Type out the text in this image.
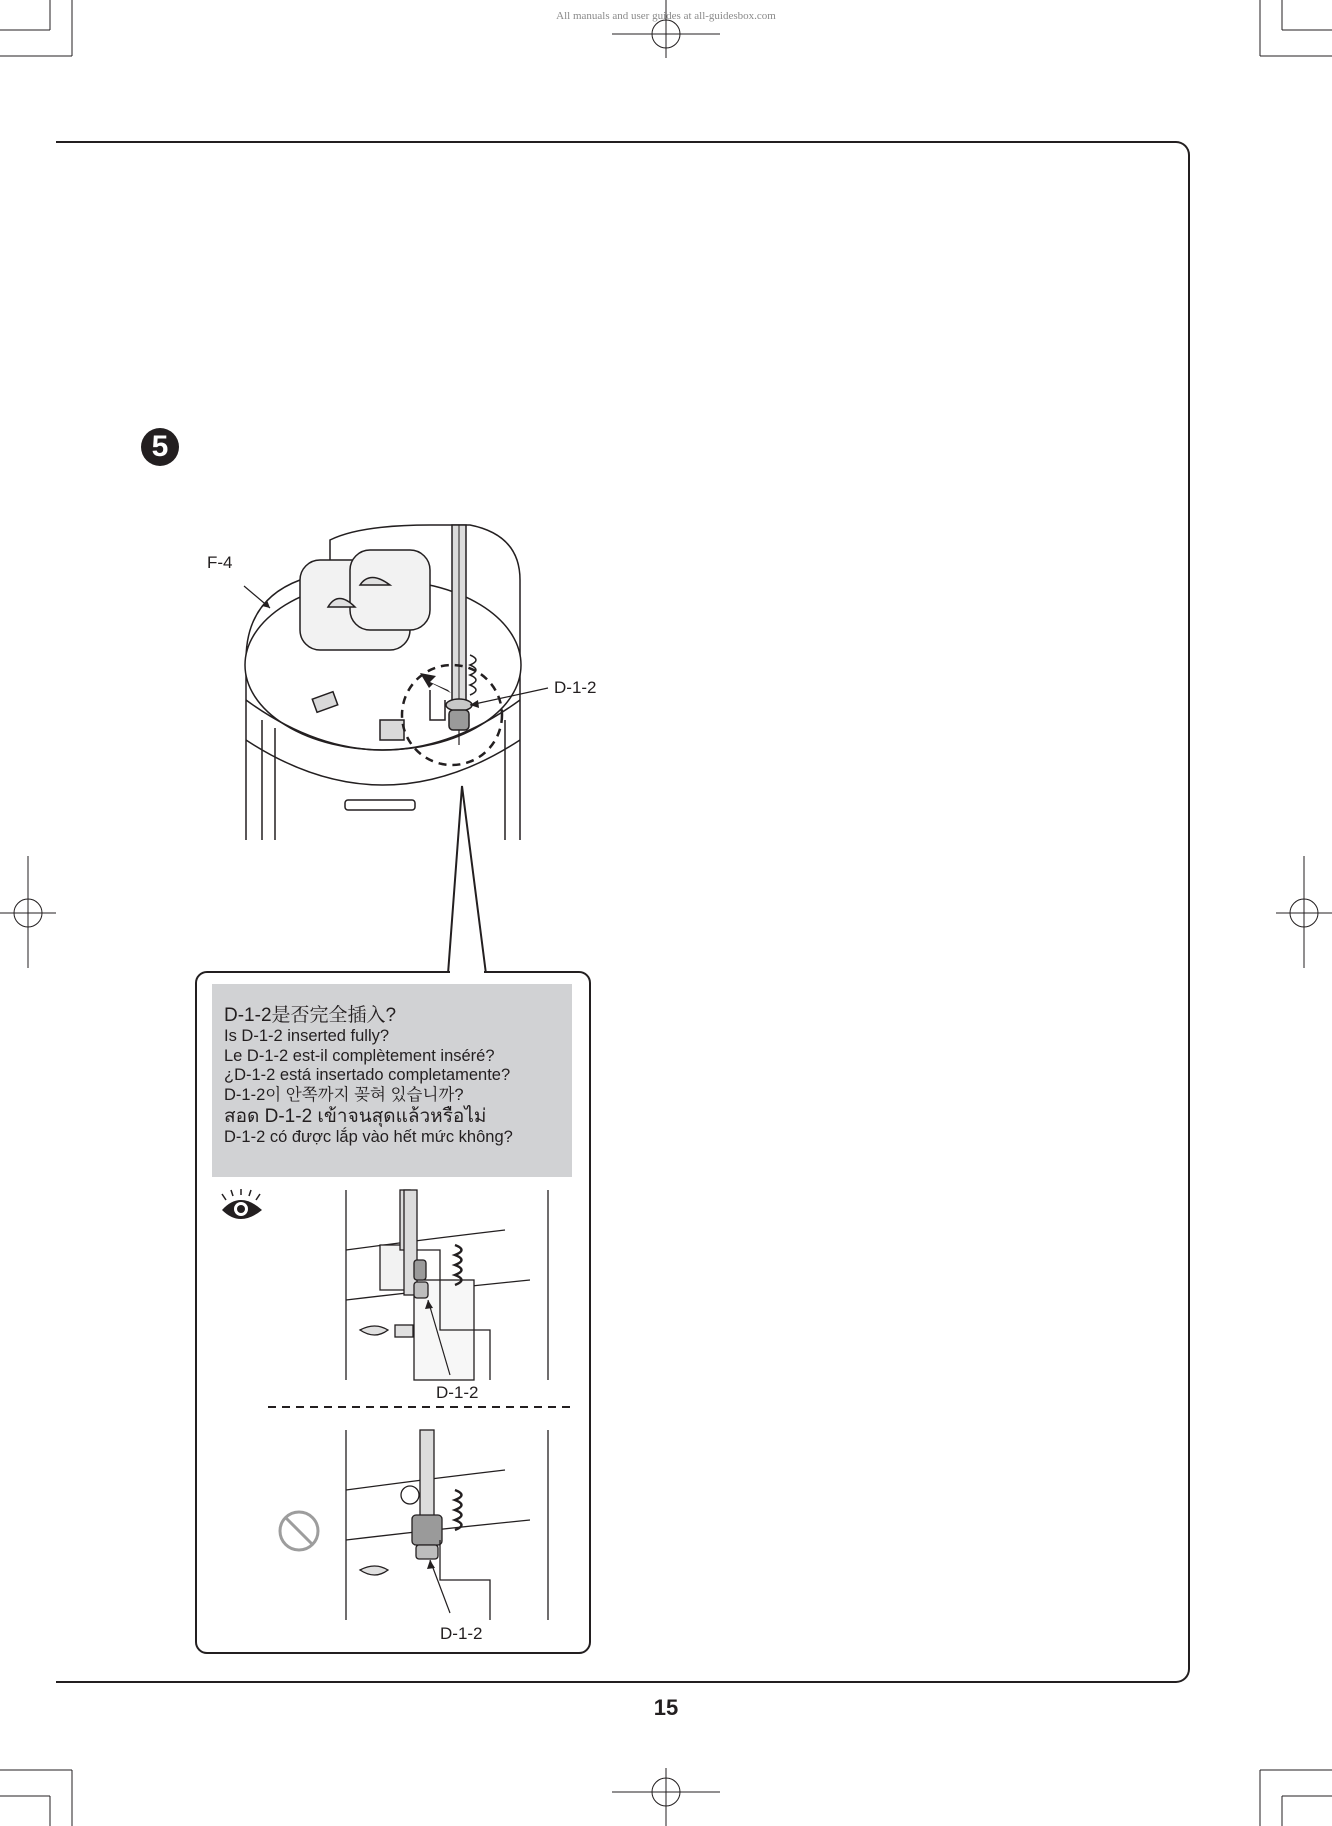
All manuals and user guides at all-guidesbox.com
5
F-4
D-1-2
D-1-2是否完全插入?
Is D-1-2 inserted fully?
Le D-1-2 est-il complètement inséré?
¿D-1-2 está insertado completamente?
D-1-2이 안쪽까지 꽂혀 있습니까?
สอด D-1-2 เข้าจนสุดแล้วหรือไม่
D-1-2 có được lắp vào hết mức không?
D-1-2
D-1-2
15
